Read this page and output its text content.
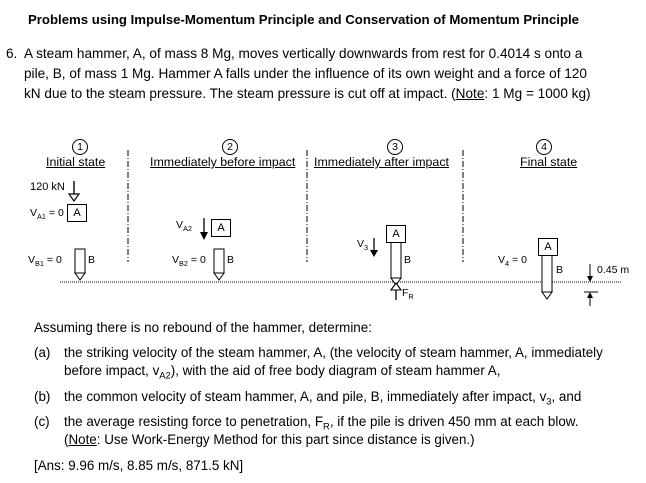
Problems using Impulse-Momentum Principle and Conservation of Momentum Principle
6. A steam hammer, A, of mass 8 Mg, moves vertically downwards from rest for 0.4014 s onto a
pile, B, of mass 1 Mg. Hammer A falls under the influence of its own weight and a force of 120
kN due to the steam pressure. The steam pressure is cut off at impact. (Note: 1 Mg = 1000 kg)
1
Initial state
2
Immediately before impact
3
Immediately after impact
4
Final state
120 kN
$V_{A1} = 0$ A
$V_{B1} = 0$ B
$V_{A2}$	A
$V_{B2} = 0$ B
$V_3$
A
B
$F_R$
$V_4 = 0$
A
B	0.45 m
Assuming there is no rebound of the hammer, determine:
(a) the striking velocity of the steam hammer, A, (the velocity of steam hammer, A, immediately
before impact, $v_{A2}$), with the aid of free body diagram of steam hammer A,
(b) the common velocity of steam hammer, A, and pile, B, immediately after impact, $v_3$, and
(c) the average resisting force to penetration, $F_R$, if the pile is driven 450 mm at each blow.
(Note: Use Work-Energy Method for this part since distance is given.)
[Ans: 9.96 m/s, 8.85 m/s, 871.5 kN]
